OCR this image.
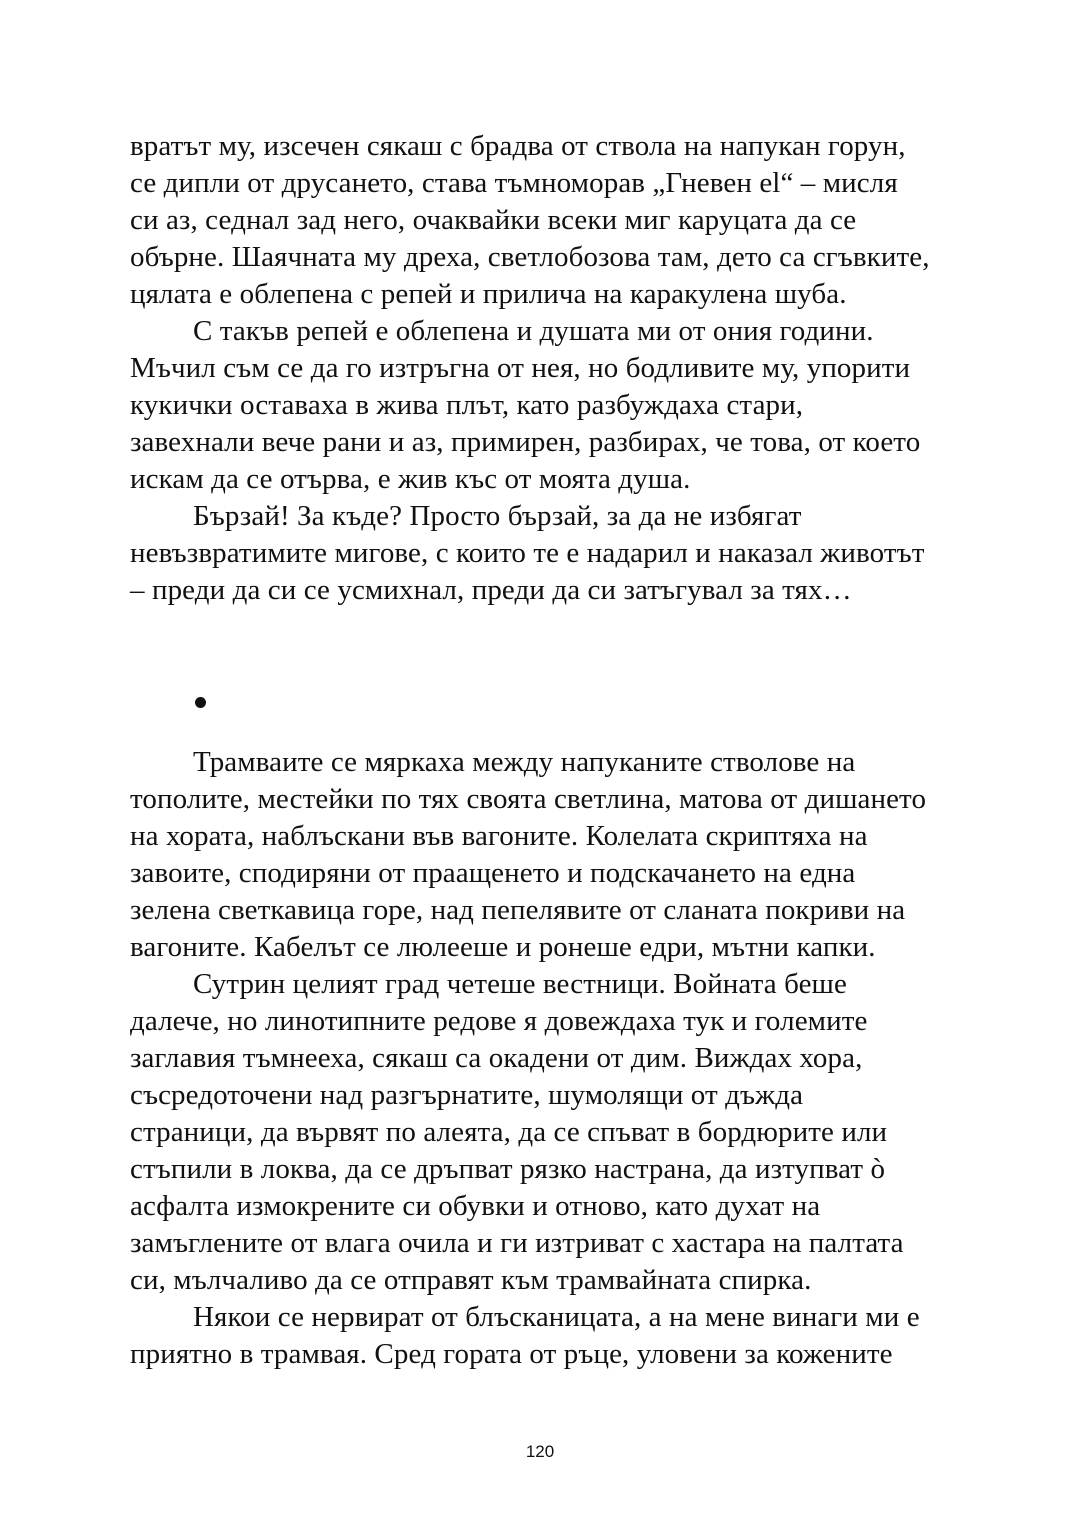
вратът му, изсечен сякаш с брадва от ствола на напукан горун,
се дипли от друсането, става тъмноморав „Гневен el“ – мисля
си аз, седнал зад него, очаквайки всеки миг каруцата да се
обърне. Шаячната му дреха, светлобозова там, дето са сгъвките,
цялата е облепена с репей и прилича на каракулена шуба.
С такъв репей е облепена и душата ми от ония години.
Мъчил съм се да го изтръгна от нея, но бодливите му, упорити
кукички оставаха в жива плът, като разбуждаха стари,
завехнали вече рани и аз, примирен, разбирах, че това, от което
искам да се отърва, е жив къс от моята душа.
Бързай! За къде? Просто бързай, за да не избягат
невъзвратимите мигове, с които те е надарил и наказал животът
– преди да си се усмихнал, преди да си затъгувал за тях…
Трамваите се мяркаха между напуканите стволове на
тополите, местейки по тях своята светлина, матова от дишането
на хората, наблъскани във вагоните. Колелата скриптяха на
завоите, сподиряни от праащенето и подскачането на една
зелена светкавица горе, над пепелявите от сланата покриви на
вагоните. Кабелът се люлееше и ронеше едри, мътни капки.
Сутрин целият град четеше вестници. Войната беше
далече, но линотипните редове я довеждаха тук и големите
заглавия тъмнееха, сякаш са окадени от дим. Виждах хора,
съсредоточени над разгърнатите, шумолящи от дъжда
страници, да вървят по алеята, да се спъват в бордюрите или
стъпили в локва, да се дръпват рязко настрана, да изтупват ò
асфалта измокрените си обувки и отново, като духат на
замъглените от влага очила и ги изтриват с хастара на палтата
си, мълчаливо да се отправят към трамвайната спирка.
Някои се нервират от блъсканицата, а на мене винаги ми е
приятно в трамвая. Сред гората от ръце, уловени за кожените
120
